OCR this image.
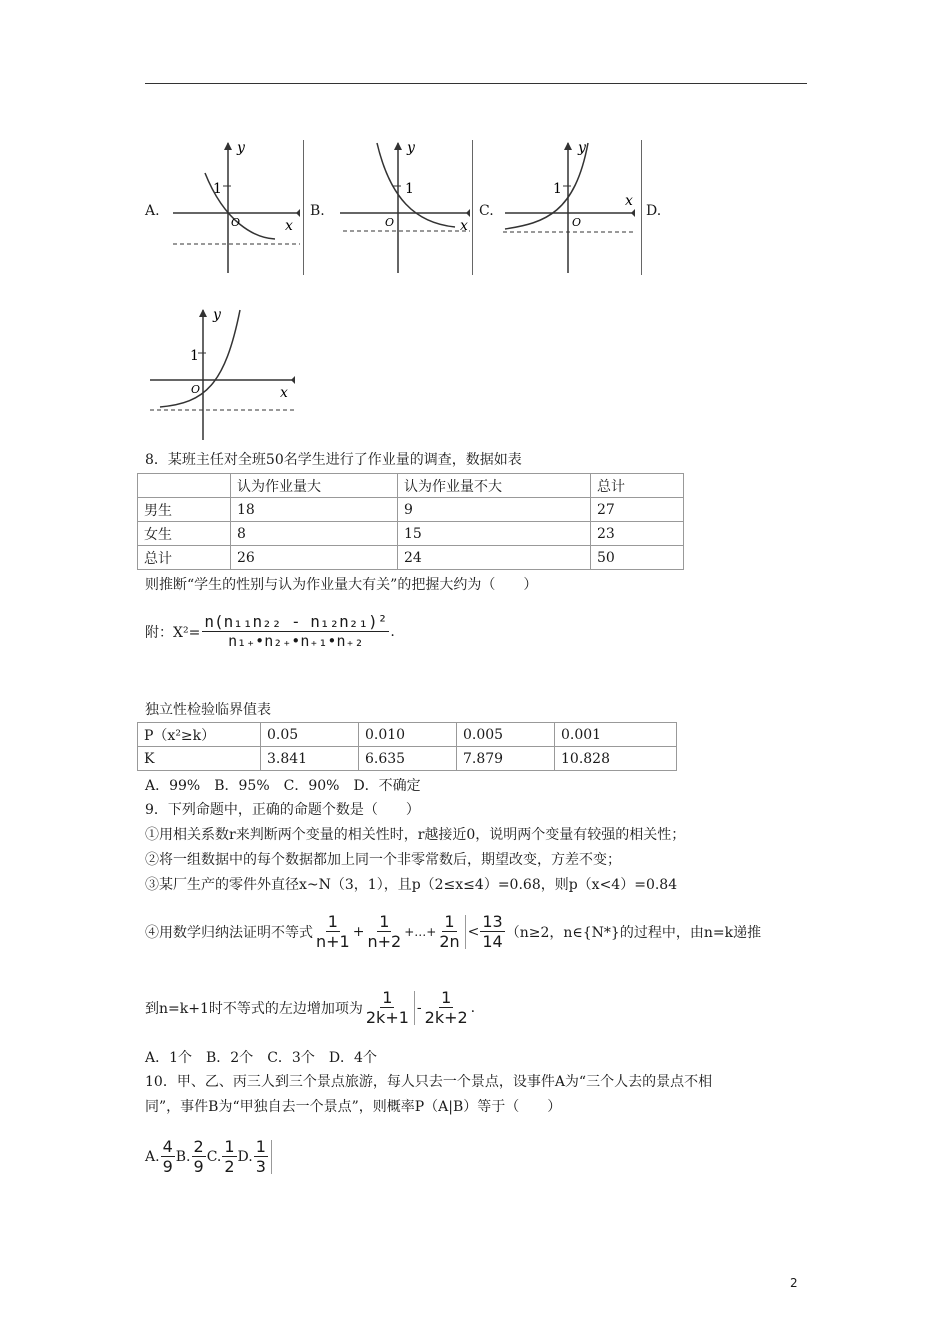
A.
y
x
O
1
B.
y
x
O
1
C.
y
x
O
1
D.
y
x
O
1
8．某班主任对全班50名学生进行了作业量的调查，数据如表
	认为作业量大	认为作业量不大	总计
男生	18	9	27
女生	8	15	23
总计	26	24	50
则推断“学生的性别与认为作业量大有关”的把握大约为（　　）
附：$X^2= \frac{\text{n(n₁₁n₂₂ - n₁₂n₂₁)²}}{\text{n₁₊•n₂₊•n₊₁•n₊₂}}$ .
独立性检验临界值表
P（x²≥k）	0.05	0.010	0.005	0.001
K	3.841	6.635	7.879	10.828
A．99%　B．95%　C．90%　D．不确定
9．下列命题中，正确的命题个数是（　　）
①用相关系数r来判断两个变量的相关性时，r越接近0，说明两个变量有较强的相关性；
②将一组数据中的每个数据都加上同一个非零常数后，期望改变，方差不变；
③某厂生产的零件外直径x~N（3，1），且p（2≤x≤4）=0.68，则p（x<4）=0.84
④用数学归纳法证明不等式 $\frac{1}{n+1} + \frac{1}{n+2}$ +…+ $\frac{1}{2n} < \frac{13}{14} (n\ge 2$，n∈{N*}的过程中，由n=k递推
到n=k+1时不等式的左边增加项为 $\frac{1}{2k+1} - \frac{1}{2k+2}$ .
A．1个　B．2个　C．3个　D．4个
10．甲、乙、丙三人到三个景点旅游，每人只去一个景点，设事件A为“三个人去的景点不相
同”，事件B为“甲独自去一个景点”，则概率P（A|B）等于（　　）
A. $\frac{4}{9} B$. $\frac{2}{9} C$. $\frac{1}{2} D$. $\frac{1}{3}$
2
